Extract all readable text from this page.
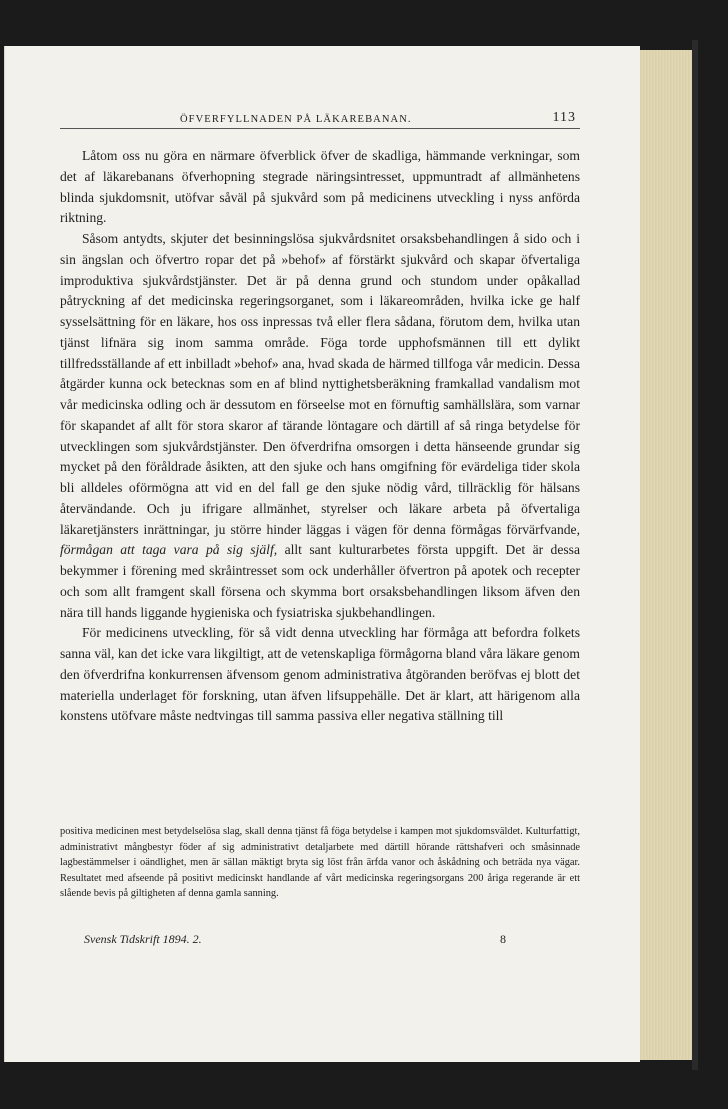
ÖFVERFYLLNADEN PÅ LÄKAREBANAN.	113

Låtom oss nu göra en närmare öfverblick öfver de skadliga, hämmande verkningar, som det af läkarebanans öfverhopning stegrade näringsintresset, uppmuntradt af allmänhetens blinda sjukdomsnit, utöfvar såväl på sjukvård som på medicinens utveckling i nyss anförda riktning.

Såsom antydts, skjuter det besinningslösa sjukvårdsnitet orsaksbehandlingen å sido och i sin ängslan och öfvertro ropar det på »behof» af förstärkt sjukvård och skapar öfvertaliga improduktiva sjukvårdstjänster. Det är på denna grund och stundom under opåkallad påtryckning af det medicinska regeringsorganet, som i läkareområden, hvilka icke ge half sysselsättning för en läkare, hos oss inpressas två eller flera sådana, förutom dem, hvilka utan tjänst lifnära sig inom samma område. Föga torde upphofsmännen till ett dylikt tillfredsställande af ett inbilladt »behof» ana, hvad skada de härmed tillfoga vår medicin. Dessa åtgärder kunna ock betecknas som en af blind nyttighetsberäkning framkallad vandalism mot vår medicinska odling och är dessutom en förseelse mot en förnuftig samhällslära, som varnar för skapandet af allt för stora skaror af tärande löntagare och därtill af så ringa betydelse för utvecklingen som sjukvårdstjänster. Den öfverdrifna omsorgen i detta hänseende grundar sig mycket på den föråldrade åsikten, att den sjuke och hans omgifning för evärdeliga tider skola bli alldeles oförmögna att vid en del fall ge den sjuke nödig vård, tillräcklig för hälsans återvändande. Och ju ifrigare allmänhet, styrelser och läkare arbeta på öfvertaliga läkaretjänsters inrättningar, ju större hinder läggas i vägen för denna förmågas förvärfvande, förmågan att taga vara på sig själf, allt sant kulturarbetes första uppgift. Det är dessa bekymmer i förening med skråintresset som ock underhåller öfvertron på apotek och recepter och som allt framgent skall försena och skymma bort orsaksbehandlingen liksom äfven den nära till hands liggande hygieniska och fysiatriska sjukbehandlingen.

För medicinens utveckling, för så vidt denna utveckling har förmåga att befordra folkets sanna väl, kan det icke vara likgiltigt, att de vetenskapliga förmågorna bland våra läkare genom den öfverdrifna konkurrensen äfvensom genom administrativa åtgöranden beröfvas ej blott det materiella underlaget för forskning, utan äfven lifsuppehälle. Det är klart, att härigenom alla konstens utöfvare måste nedtvingas till samma passiva eller negativa ställning till

positiva medicinen mest betydelselösa slag, skall denna tjänst få föga betydelse i kampen mot sjukdomsväldet. Kulturfattigt, administrativt mångbestyr föder af sig administrativt detaljarbete med därtill hörande rättshafveri och småsinnade lagbestämmelser i oändlighet, men är sällan mäktigt bryta sig löst från ärfda vanor och åskådning och beträda nya vägar. Resultatet med afseende på positivt medicinskt handlande af vårt medicinska regeringsorgans 200 åriga regerande är ett slående bevis på giltigheten af denna gamla sanning.
Svensk Tidskrift 1894. 2.	8
